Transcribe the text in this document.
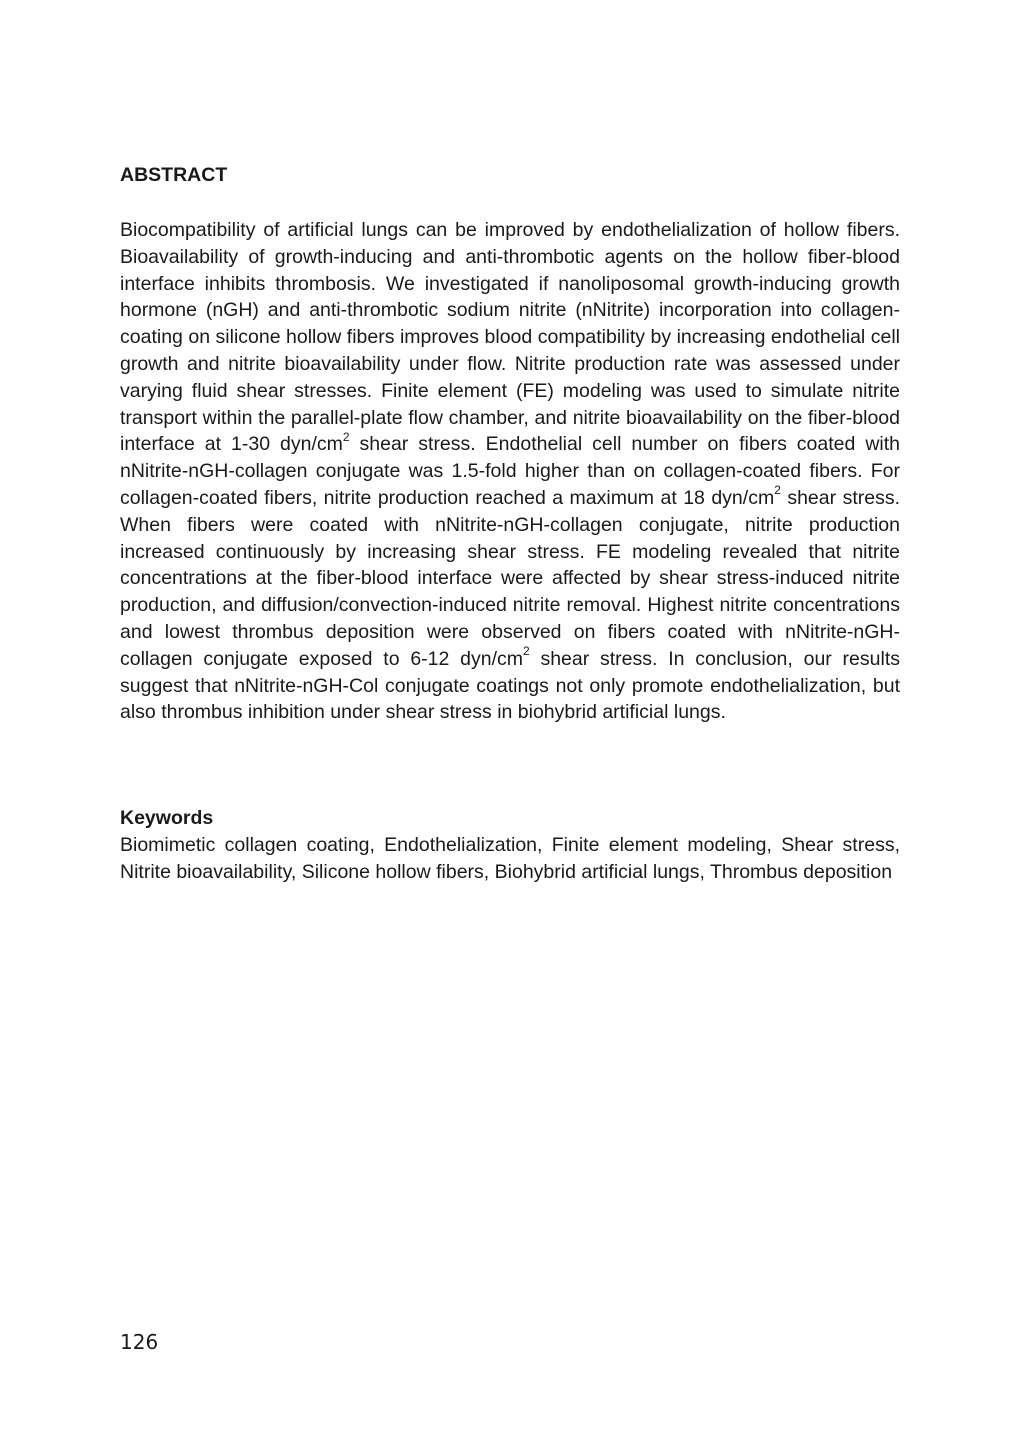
ABSTRACT

Biocompatibility of artificial lungs can be improved by endothelialization of hollow fibers. Bioavailability of growth-inducing and anti-thrombotic agents on the hollow fiber-blood interface inhibits thrombosis. We investigated if nanoliposomal growth-inducing growth hormone (nGH) and anti-thrombotic sodium nitrite (nNitrite) incorporation into collagen-coating on silicone hollow fibers improves blood compatibility by increasing endothelial cell growth and nitrite bioavailability under flow. Nitrite production rate was assessed under varying fluid shear stresses. Finite element (FE) modeling was used to simulate nitrite transport within the parallel-plate flow chamber, and nitrite bioavailability on the fiber-blood interface at 1-30 dyn/$cm^2$ shear stress. Endothelial cell number on fibers coated with nNitrite-nGH-collagen conjugate was 1.5-fold higher than on collagen-coated fibers. For collagen-coated fibers, nitrite production reached a maximum at 18 dyn/$cm^2$ shear stress. When fibers were coated with nNitrite-nGH-collagen conjugate, nitrite production increased continuously by increasing shear stress. FE modeling revealed that nitrite concentrations at the fiber-blood interface were affected by shear stress-induced nitrite production, and diffusion/convection-induced nitrite removal. Highest nitrite concentrations and lowest thrombus deposition were observed on fibers coated with nNitrite-nGH-collagen conjugate exposed to 6-12 dyn/$cm^2$ shear stress. In conclusion, our results suggest that nNitrite-nGH-Col conjugate coatings not only promote endothelialization, but also thrombus inhibition under shear stress in biohybrid artificial lungs.

Keywords

Biomimetic collagen coating, Endothelialization, Finite element modeling, Shear stress, Nitrite bioavailability, Silicone hollow fibers, Biohybrid artificial lungs, Thrombus deposition

126
